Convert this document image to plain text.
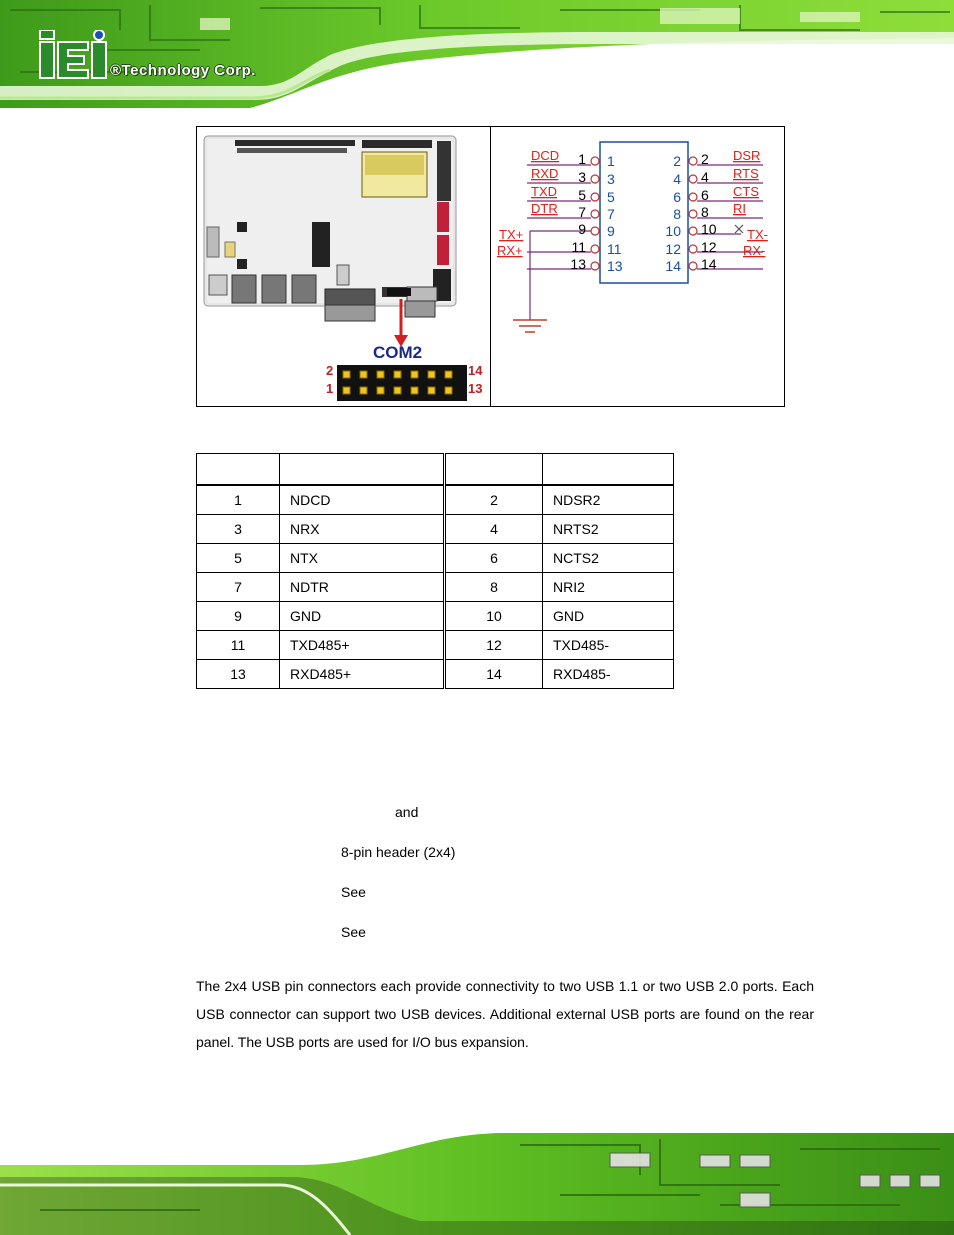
®Technology Corp.
COM2
2
1
14
13
1	2
1	2
3	4
3	4
5	6
5	6
7	8
7	8
9	10
9	10
11	12
11	12
13	14
13	14
DCD
RXD
TXD
DTR
DSR
RTS
CTS
RI
TX+
RX+
TX-
RX-

1	NDCD	2	NDSR2
3	NRX	4	NRTS2
5	NTX	6	NCTS2
7	NDTR	8	NRI2
9	GND	10	GND
11	TXD485+	12	TXD485-
13	RXD485+	14	RXD485-
and
8-pin header (2x4)
See
See
The 2x4 USB pin connectors each provide connectivity to two USB 1.1 or two USB 2.0 ports. Each USB connector can support two USB devices. Additional external USB ports are found on the rear panel. The USB ports are used for I/O bus expansion.
